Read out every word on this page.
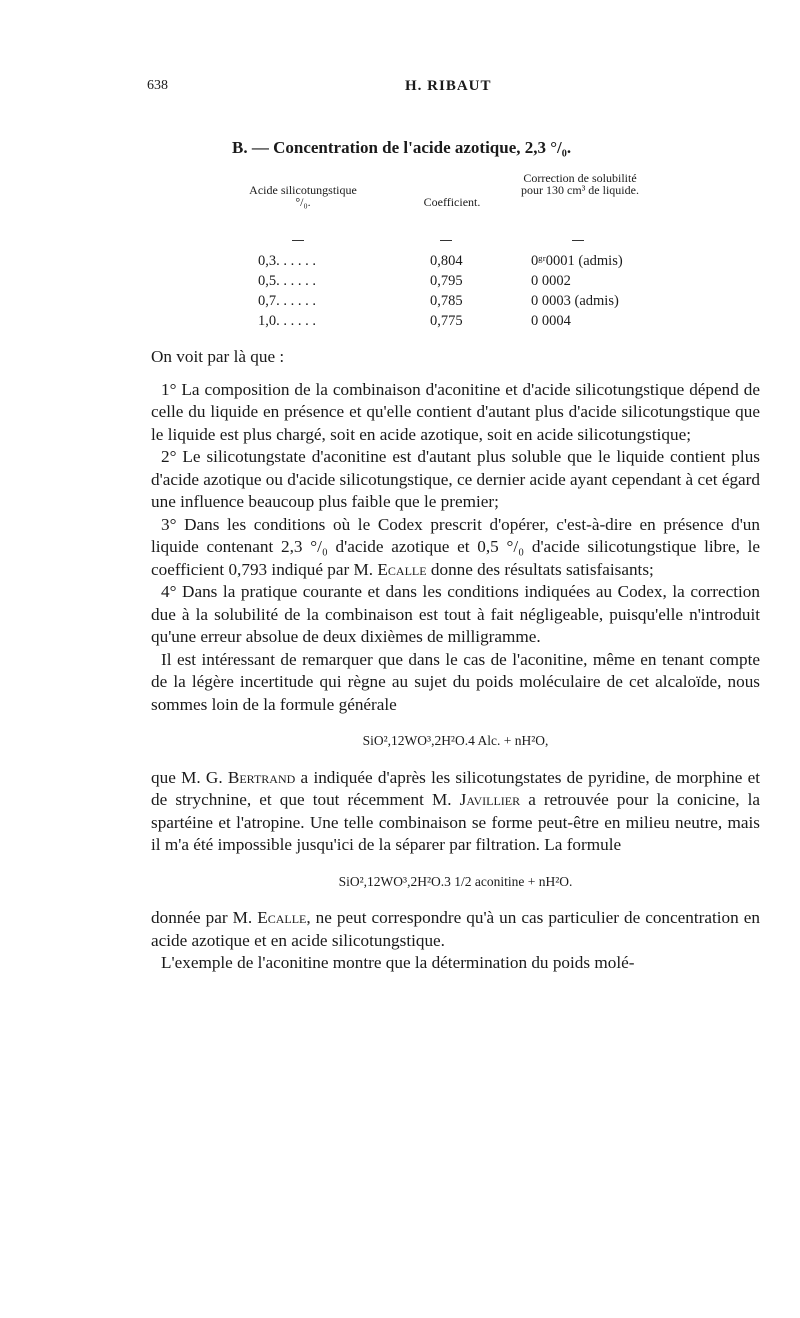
638	H. RIBAUT
B. — Concentration de l'acide azotique, 2,3 °/₀.
Acide silicotungstique °/₀.	Coefficient.
Correction de solubilité pour 130 cm³ de liquide.
0,3. . . . . .	0,804	0ᵍʳ0001 (admis)
0,5. . . . . .	0,795	0 0002
0,7. . . . . .	0,785	0 0003 (admis)
1,0. . . . . .	0,775	0 0004

On voit par là que :

1° La composition de la combinaison d'aconitine et d'acide silicotungstique dépend de celle du liquide en présence et qu'elle contient d'autant plus d'acide silicotungstique que le liquide est plus chargé, soit en acide azotique, soit en acide silicotungstique;

2° Le silicotungstate d'aconitine est d'autant plus soluble que le liquide contient plus d'acide azotique ou d'acide silicotungstique, ce dernier acide ayant cependant à cet égard une influence beaucoup plus faible que le premier;

3° Dans les conditions où le Codex prescrit d'opérer, c'est-à-dire en présence d'un liquide contenant 2,3 °/₀ d'acide azotique et 0,5 °/₀ d'acide silicotungstique libre, le coefficient 0,793 indiqué par M. Ecalle donne des résultats satisfaisants;

4° Dans la pratique courante et dans les conditions indiquées au Codex, la correction due à la solubilité de la combinaison est tout à fait négligeable, puisqu'elle n'introduit qu'une erreur absolue de deux dixièmes de milligramme.

Il est intéressant de remarquer que dans le cas de l'aconitine, même en tenant compte de la légère incertitude qui règne au sujet du poids moléculaire de cet alcaloïde, nous sommes loin de la formule générale

SiO²,12WO³,2H²O.4 Alc. + nH²O,

que M. G. Bertrand a indiquée d'après les silicotungstates de pyridine, de morphine et de strychnine, et que tout récemment M. Javillier a retrouvée pour la conicine, la spartéine et l'atropine. Une telle combinaison se forme peut-être en milieu neutre, mais il m'a été impossible jusqu'ici de la séparer par filtration. La formule

SiO²,12WO³,2H²O.3 1/2 aconitine + nH²O.

donnée par M. Ecalle, ne peut correspondre qu'à un cas particulier de concentration en acide azotique et en acide silicotungstique.

L'exemple de l'aconitine montre que la détermination du poids molé-
